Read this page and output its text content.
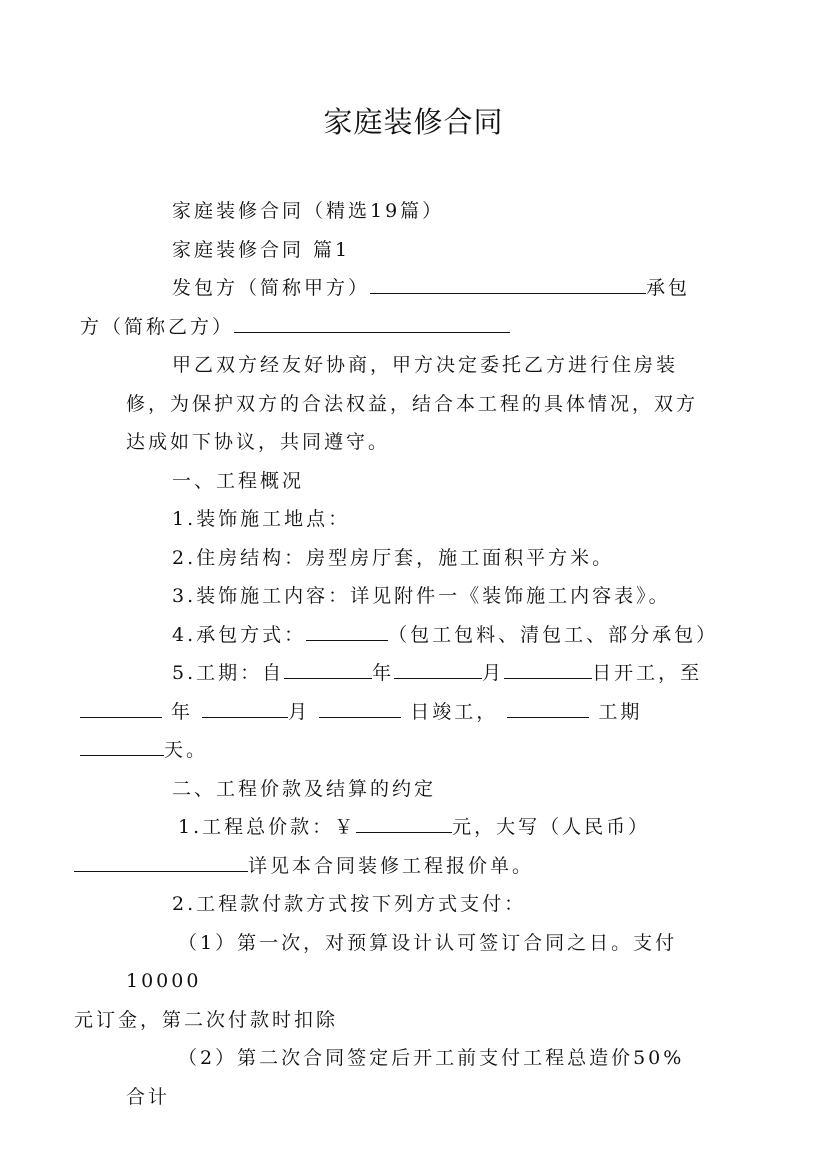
家庭装修合同

家庭装修合同（精选19篇）

家庭装修合同 篇1

发包方（简称甲方）	承包
方（简称乙方）

甲乙双方经友好协商，甲方决定委托乙方进行住房装修，为保护双方的合法权益，结合本工程的具体情况，双方达成如下协议，共同遵守。

一、工程概况

1.装饰施工地点：

2.住房结构：房型房厅套，施工面积平方米。

3.装饰施工内容：详见附件一《装饰施工内容表》。

4.承包方式：	（包工包料、清包工、部分承包）

5.工期：自	年	月	日开工，至
年	月	日竣工，	工期
天。

二、工程价款及结算的约定

1.工程总价款：￥	元，大写（人民币）
详见本合同装修工程报价单。

2.工程款付款方式按下列方式支付：

（1）第一次，对预算设计认可签订合同之日。支付10000
元订金，第二次付款时扣除

（2）第二次合同签定后开工前支付工程总造价50%合计
